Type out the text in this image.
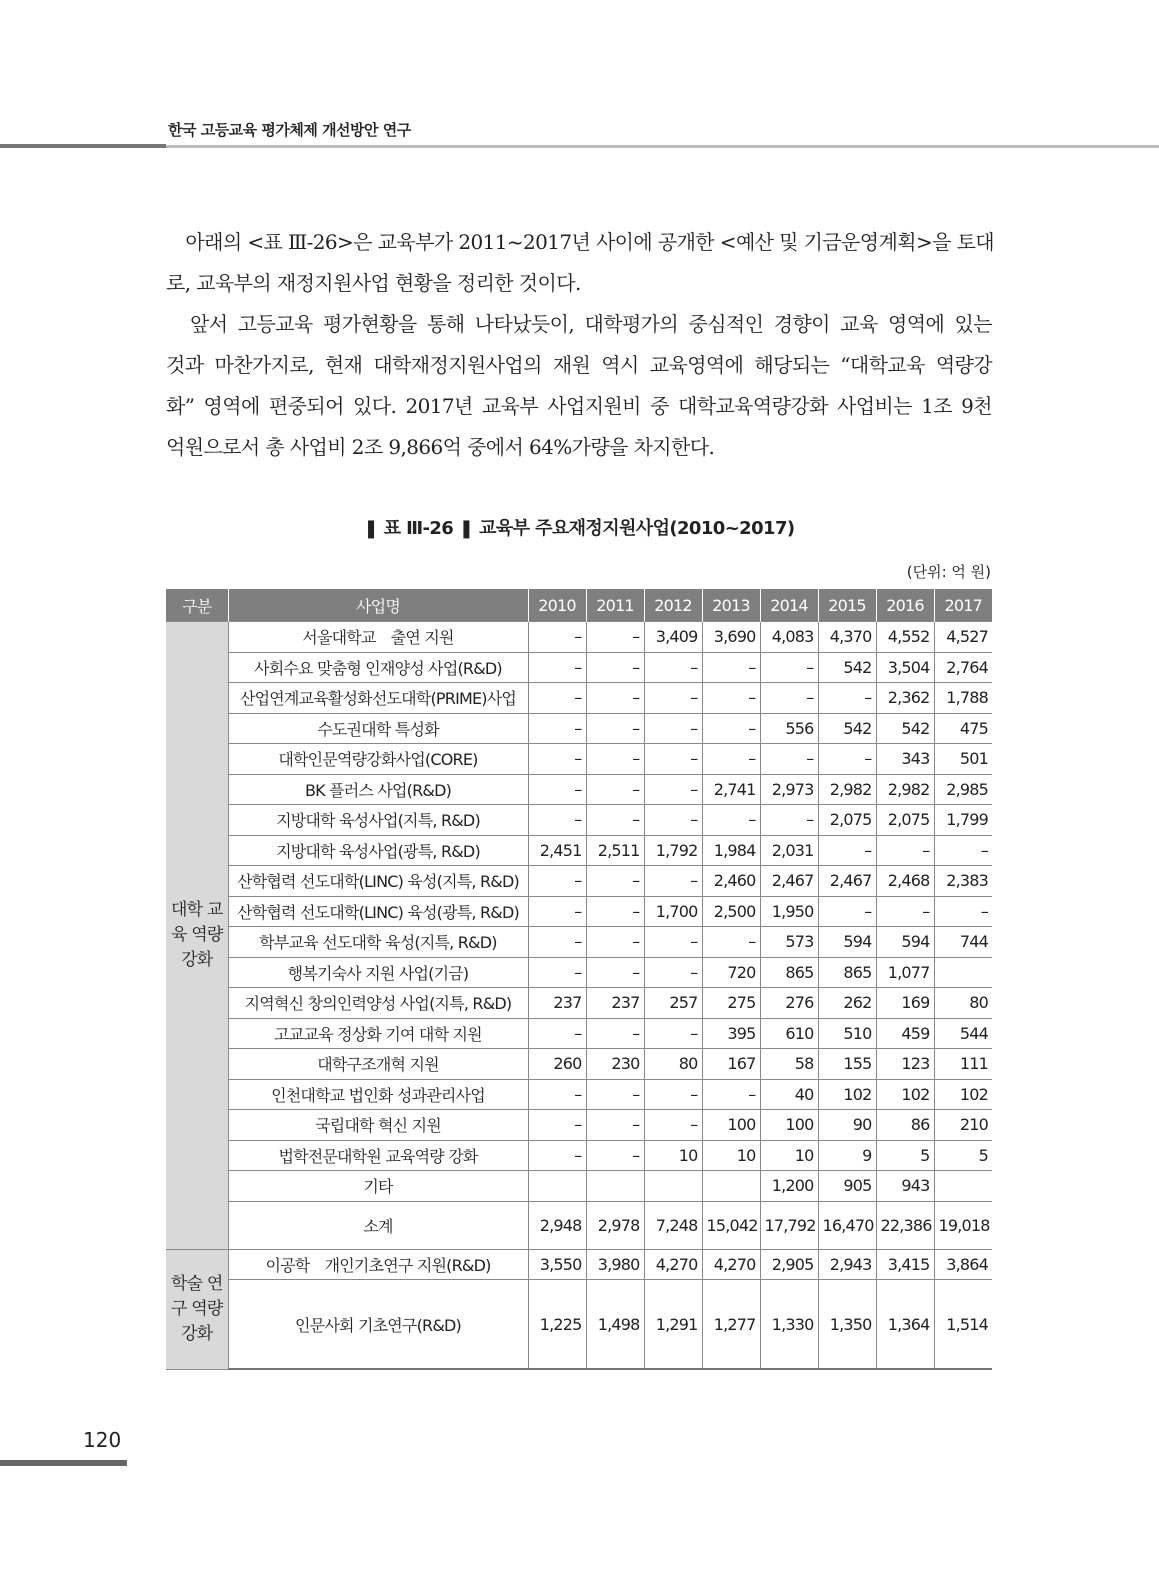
한국 고등교육 평가체제 개선방안 연구
　아래의 <표 Ⅲ-26>은 교육부가 2011~2017년 사이에 공개한 <예산 및 기금운영계획>을 토대
로, 교육부의 재정지원사업 현황을 정리한 것이다.
　앞서 고등교육 평가현황을 통해 나타났듯이, 대학평가의 중심적인 경향이 교육 영역에 있는
것과 마찬가지로, 현재 대학재정지원사업의 재원 역시 교육영역에 해당되는 “대학교육 역량강
화” 영역에 편중되어 있다. 2017년 교육부 사업지원비 중 대학교육역량강화 사업비는 1조 9천
억원으로서 총 사업비 2조 9,866억 중에서 64%가량을 차지한다.
❚ 표 Ⅲ-26 ❚ 교육부 주요재정지원사업(2010~2017)
(단위: 억 원)
구분	사업명	2010	2011	2012	2013	2014	2015	2016	2017
대학 교육 역량 강화	서울대학교　출연 지원	–	–	3,409	3,690	4,083	4,370	4,552	4,527
	사회수요 맞춤형 인재양성 사업(R&D)	–	–	–	–	–	542	3,504	2,764
	산업연계교육활성화선도대학(PRIME)사업	–	–	–	–	–	–	2,362	1,788
	수도권대학 특성화	–	–	–	–	556	542	542	475
	대학인문역량강화사업(CORE)	–	–	–	–	–	–	343	501
	BK 플러스 사업(R&D)	–	–	–	2,741	2,973	2,982	2,982	2,985
	지방대학 육성사업(지특, R&D)	–	–	–	–	–	2,075	2,075	1,799
	지방대학 육성사업(광특, R&D)	2,451	2,511	1,792	1,984	2,031	–	–	–
	산학협력 선도대학(LINC) 육성(지특, R&D)	–	–	–	2,460	2,467	2,467	2,468	2,383
	산학협력 선도대학(LINC) 육성(광특, R&D)	–	–	1,700	2,500	1,950	–	–	–
	학부교육 선도대학 육성(지특, R&D)	–	–	–	–	573	594	594	744
	행복기숙사 지원 사업(기금)	–	–	–	720	865	865	1,077	
	지역혁신 창의인력양성 사업(지특, R&D)	237	237	257	275	276	262	169	80
	고교교육 정상화 기여 대학 지원	–	–	–	395	610	510	459	544
	대학구조개혁 지원	260	230	80	167	58	155	123	111
	인천대학교 법인화 성과관리사업	–	–	–	–	40	102	102	102
	국립대학 혁신 지원	–	–	–	100	100	90	86	210
	법학전문대학원 교육역량 강화	–	–	10	10	10	9	5	5
	기타					1,200	905	943	
	소계	2,948	2,978	7,248	15,042	17,792	16,470	22,386	19,018
학술 연구 역량 강화	이공학　개인기초연구 지원(R&D)	3,550	3,980	4,270	4,270	2,905	2,943	3,415	3,864
	인문사회 기초연구(R&D)	1,225	1,498	1,291	1,277	1,330	1,350	1,364	1,514
120
